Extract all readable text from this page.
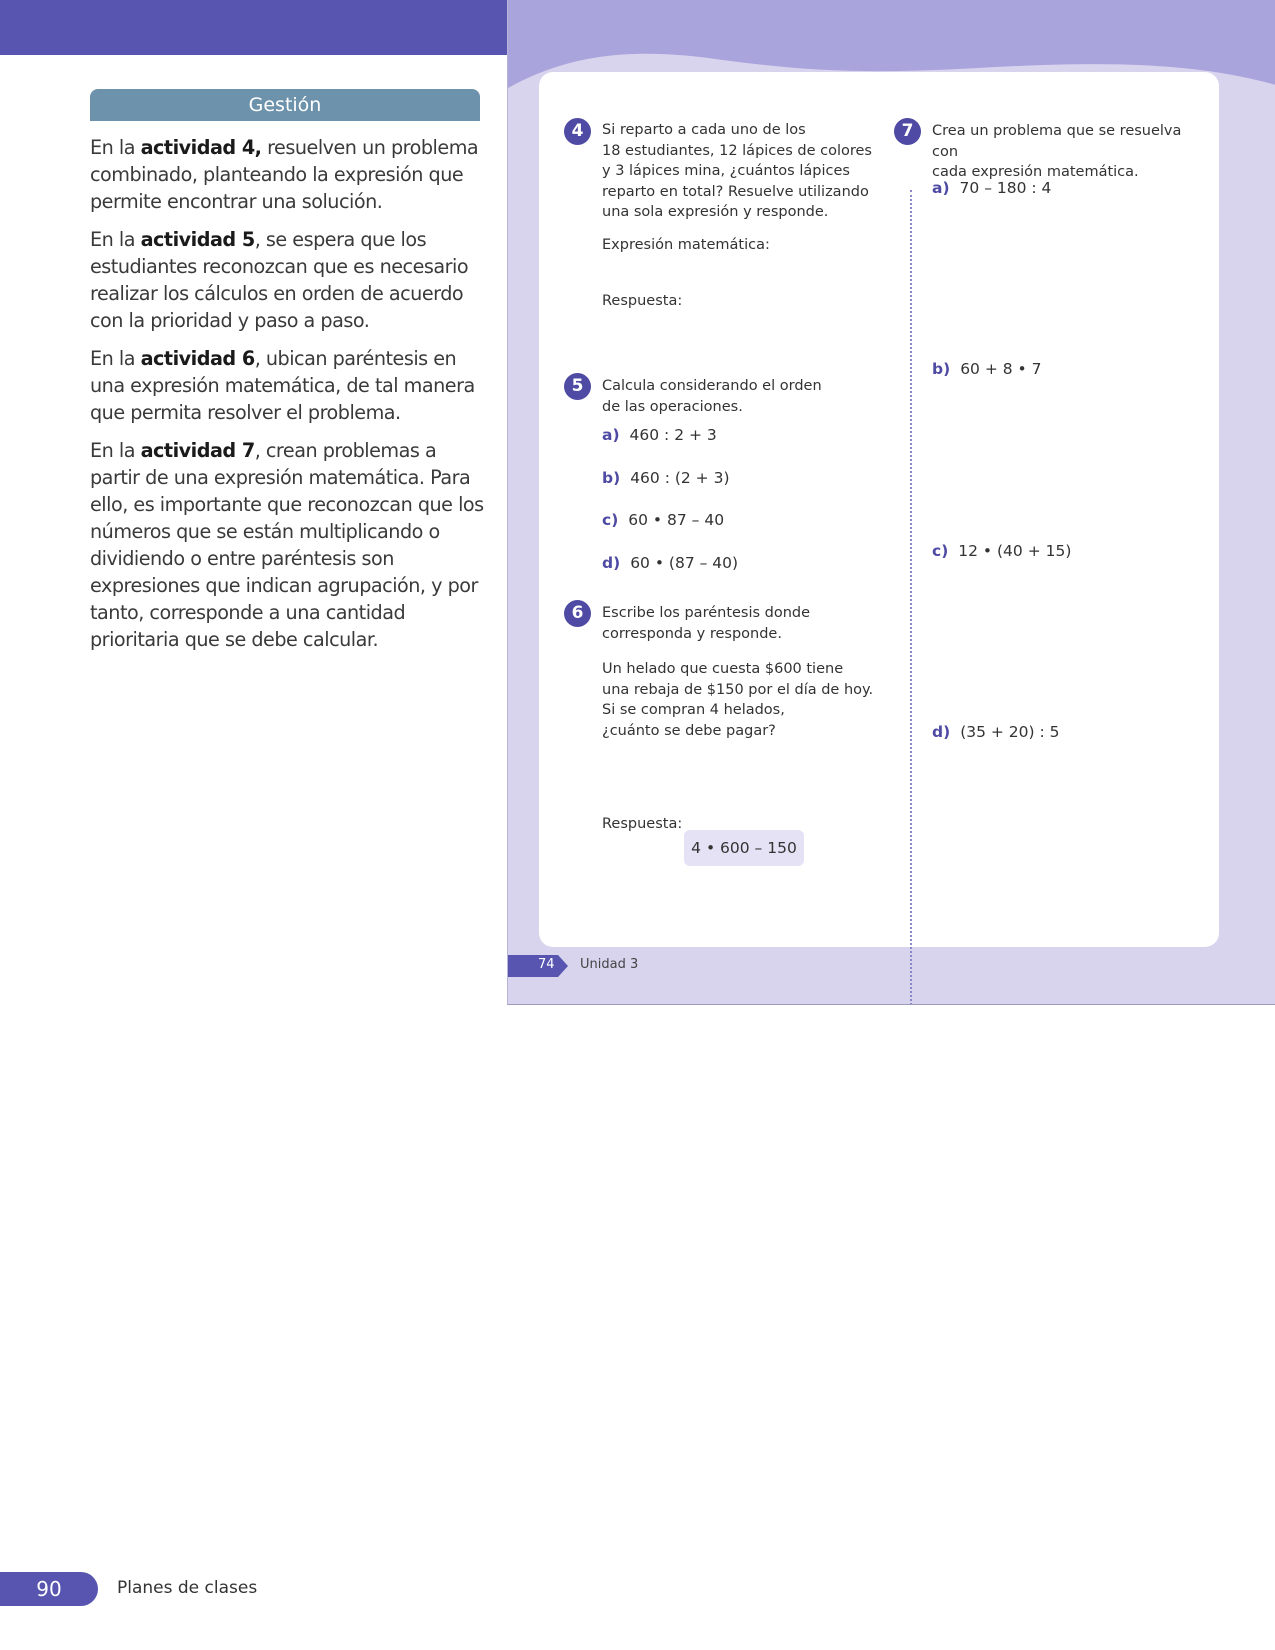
Gestión

En la actividad 4, resuelven un problema combinado, planteando la expresión que permite encontrar una solución.

En la actividad 5, se espera que los estudiantes reconozcan que es necesario realizar los cálculos en orden de acuerdo con la prioridad y paso a paso.

En la actividad 6, ubican paréntesis en una expresión matemática, de tal manera que permita resolver el problema.

En la actividad 7, crean problemas a partir de una expresión matemática. Para ello, es importante que reconozcan que los números que se están multiplicando o dividiendo o entre paréntesis son expresiones que indican agrupación, y por tanto, corresponde a una cantidad prioritaria que se debe calcular.

4	Si reparto a cada uno de los
18 estudiantes, 12 lápices de colores
y 3 lápices mina, ¿cuántos lápices
reparto en total? Resuelve utilizando
una sola expresión y responde.
Expresión matemática:
Respuesta:
5	Calcula considerando el orden
de las operaciones.
a) 460 : 2 + 3
b) 460 : (2 + 3)
c) 60 • 87 – 40
d) 60 • (87 – 40)
6	Escribe los paréntesis donde
corresponda y responde.
Un helado que cuesta $600 tiene
una rebaja de $150 por el día de hoy.
Si se compran 4 helados,
¿cuánto se debe pagar?
4 • 600 – 150
Respuesta:
7	Crea un problema que se resuelva con
cada expresión matemática.
a) 70 – 180 : 4
b) 60 + 8 • 7
c) 12 • (40 + 15)
d) (35 + 20) : 5
74 Unidad 3
90	Planes de clases
